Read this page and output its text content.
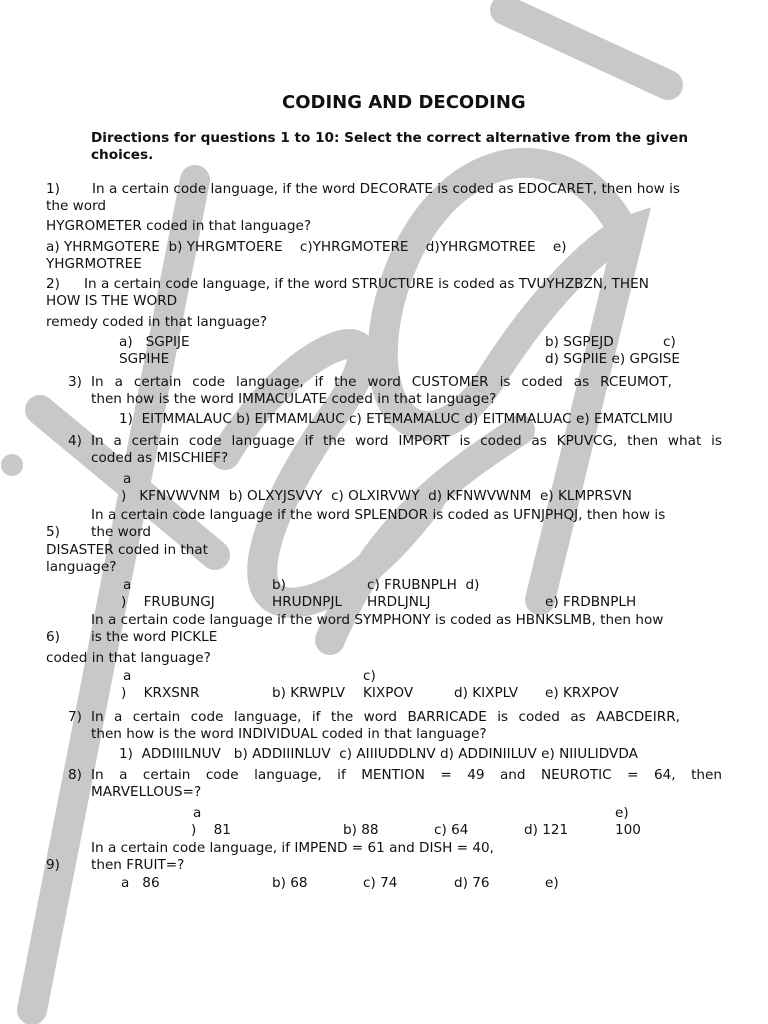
CODING AND DECODING
Directions for questions 1 to 10: Select the correct alternative from the given choices.
1) In a certain code language, if the word DECORATE is coded as EDOCARET, then how is
the word
HYGROMETER coded in that language?
a) YHRMGOTERE  b) YHRGMTOERE    c)YHRGMOTERE    d)YHRGMOTREE    e)
YHGRMOTREE
2) In a certain code language, if the word STRUCTURE is coded as TVUYHZBZN, THEN
HOW IS THE WORD
remedy coded in that language?
a)   SGPIJE	b) SGPEJD	c)
SGPIHE	d) SGPIIE e) GPGISE
3) In a certain code language, if the word CUSTOMER is coded as RCEUMOT,
then how is the word IMMACULATE coded in that language?
1)  EITMMALAUC b) EITMAMLAUC c) ETEMAMALUC d) EITMMALUAC e) EMATCLMIU
4) In a certain code language if the word IMPORT is coded as KPUVCG, then what is
coded as MISCHIEF?
a
)   KFNVWVNM  b) OLXYJSVVY  c) OLXIRVWY  d) KFNWVWNM  e) KLMPRSVN
In a certain code language if the word SPLENDOR is coded as UFNJPHQJ, then how is
5) the word
DISASTER coded in that
language?
a	b)	c) FRUBNPLH  d)
)    FRUBUNGJ	HRUDNPJL HRDLJNLJ	e) FRDBNPLH
In a certain code language if the word SYMPHONY is coded as HBNKSLMB, then how
6) is the word PICKLE
coded in that language?
a	c)
)    KRXSNR	b) KRWPLV KIXPOV	d) KIXPLV e) KRXPOV
7) In a certain code language, if the word BARRICADE is coded as AABCDEIRR,
then how is the word INDIVIDUAL coded in that language?
1)  ADDIIILNUV   b) ADDIIINLUV  c) AIIIUDDLNV d) ADDINIILUV e) NIIULIDVDA
8) In a certain code language, if MENTION = 49 and NEUROTIC = 64, then
MARVELLOUS=?
a	e)
)    81	b) 88	c) 64	d) 121	100
In a certain code language, if IMPEND = 61 and DISH = 40,
9) then FRUIT=?
a   86	b) 68	c) 74	d) 76	e)
